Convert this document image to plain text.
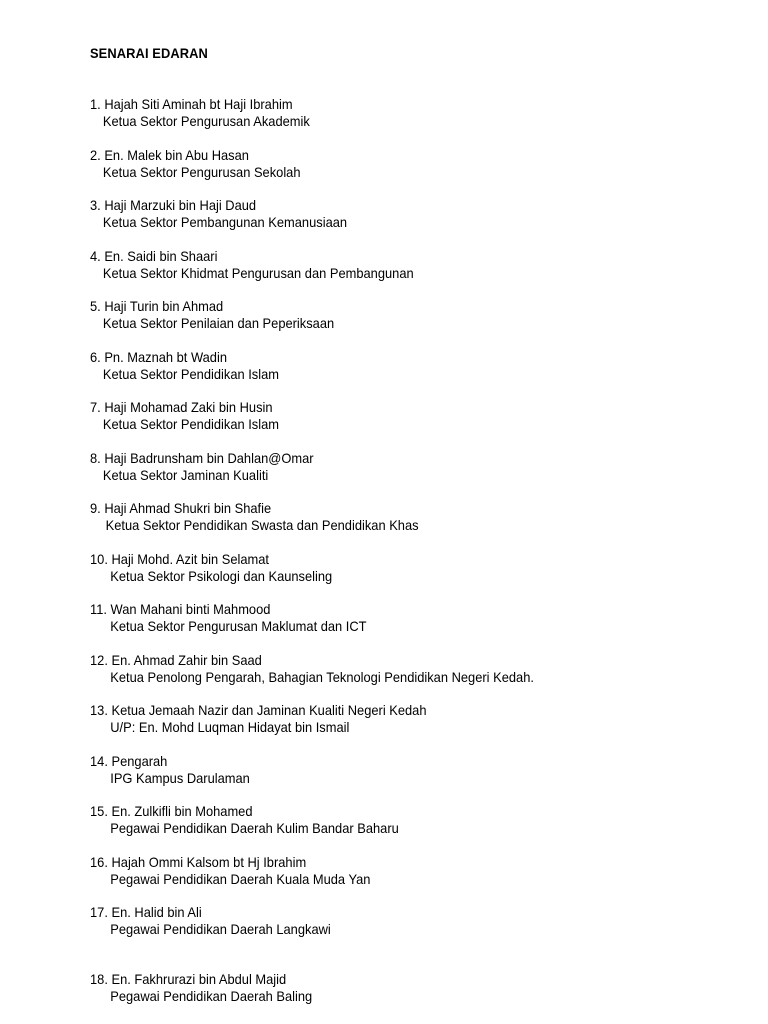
SENARAI EDARAN
1. Hajah Siti Aminah bt Haji Ibrahim
Ketua Sektor Pengurusan Akademik
2. En. Malek bin Abu Hasan
Ketua Sektor Pengurusan Sekolah
3. Haji Marzuki bin Haji Daud
Ketua Sektor Pembangunan Kemanusiaan
4. En. Saidi bin Shaari
Ketua Sektor Khidmat Pengurusan dan Pembangunan
5. Haji Turin bin Ahmad
Ketua Sektor Penilaian dan Peperiksaan
6. Pn. Maznah bt Wadin
Ketua Sektor Pendidikan Islam
7. Haji Mohamad Zaki bin Husin
Ketua Sektor Pendidikan Islam
8. Haji Badrunsham bin Dahlan@Omar
Ketua Sektor Jaminan Kualiti
9. Haji Ahmad Shukri bin Shafie
Ketua Sektor Pendidikan Swasta dan Pendidikan Khas
10. Haji Mohd. Azit bin Selamat
Ketua Sektor Psikologi dan Kaunseling
11. Wan Mahani binti Mahmood
Ketua Sektor Pengurusan Maklumat dan ICT
12. En. Ahmad Zahir bin Saad
Ketua Penolong Pengarah, Bahagian Teknologi Pendidikan Negeri Kedah.
13. Ketua Jemaah Nazir dan Jaminan Kualiti Negeri Kedah
U/P: En. Mohd Luqman Hidayat bin Ismail
14. Pengarah
IPG Kampus Darulaman
15. En. Zulkifli bin Mohamed
Pegawai Pendidikan Daerah Kulim Bandar Baharu
16. Hajah Ommi Kalsom bt Hj Ibrahim
Pegawai Pendidikan Daerah Kuala Muda Yan
17. En. Halid bin Ali
Pegawai Pendidikan Daerah Langkawi
18. En. Fakhrurazi bin Abdul Majid
Pegawai Pendidikan Daerah Baling
